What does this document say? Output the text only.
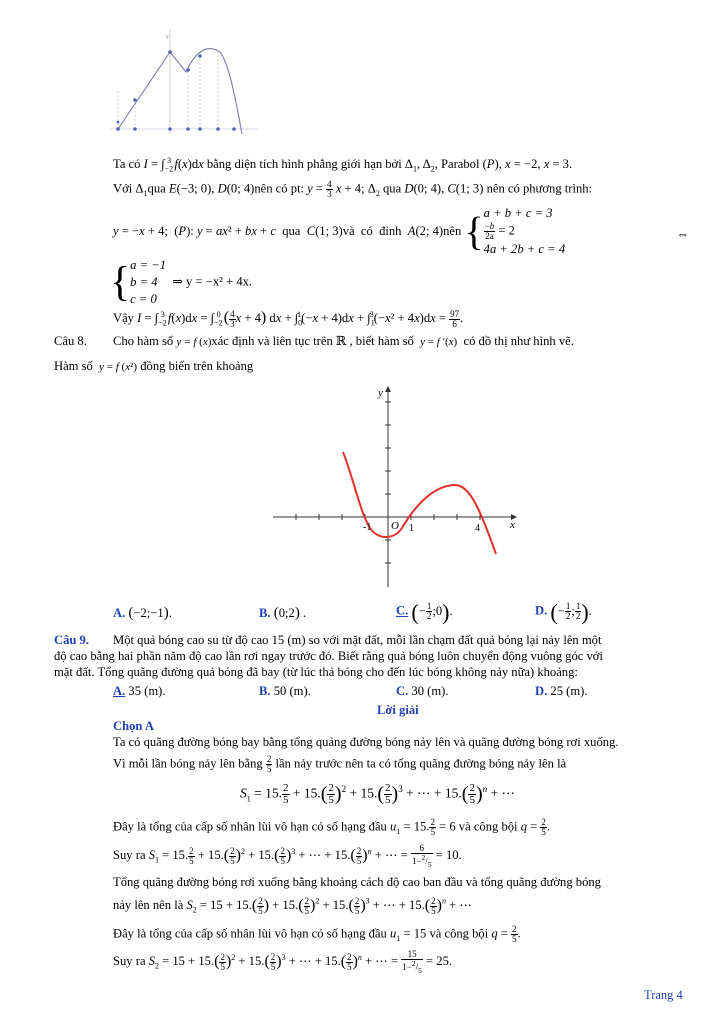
y
Ta có $I = \int_{-2}^3$ f(x)dx bằng diện tích hình phẳng giới hạn bởi $\Delta_1$, $\Delta_2$, Parabol (P), x = −2, x = 3.
Với $\Delta_1qua$ E(−3; 0), D(0; 4)nên có pt: $y = \frac{4}{3}$ x + 4; $\Delta_2$ qua D(0; 4), C(1; 3) nên có phương trình:
y = −x + 4;  (P): y = ax² + bx + c  qua  C(1; 3)và  có  đỉnh  A(2; 4)nên {a + b + c = 3

$\frac{-b}{2a} = 2$
4a + 2b + c = 4
⇔
{a = −1
b = 4
c = 0  ⇒ y = −x² + 4x.
Vậy $I = \int_{-2}^3$ $f(x)dx = \int_{-2}^0$ ( $\frac{4}{3}$ x + 4) dx + $\int_0^1(-x + 4)dx + \int_1^3(-x^2 + 4x)dx = \frac{97}{6}$ .
Câu 8. Cho hàm số y = f (x)xác định và liên tục trên ℝ , biết hàm số  y = f ′(x)  có đồ thị như hình vẽ.
Hàm số  y = f (x²) đồng biến trên khoảng
y
x
O
-1	1	4
A. (−2;−1).	B. (0;2) .	C. (− $\frac{1}{2}$ ;0).	D. (− $\frac{1}{2}$ ; $\frac{1}{2}$ ).
Câu 9. Một quả bóng cao su từ độ cao 15 (m) so với mặt đất, mỗi lần chạm đất quả bóng lại nảy lên một
độ cao bằng hai phần năm độ cao lần rơi ngay trước đó. Biết rằng quả bóng luôn chuyển động vuông góc với
mặt đất. Tổng quãng đường quả bóng đã bay (từ lúc thả bóng cho đến lúc bóng không nảy nữa) khoảng:
A. 35 (m).	B. 50 (m).	C. 30 (m).	D. 25 (m).
Lời giải
Chọn A
Ta có quãng đường bóng bay bằng tổng quảng đường bóng nảy lên và quãng đường bóng rơi xuống.
Vì mỗi lần bóng nảy lên bằng $\frac{2}{5}$ lần nảy trước nên ta có tổng quãng đường bóng nảy lên là
$S_1 = 15$. $\frac{2}{5} + 15.( \frac{2}{5} )^2 + 15.( \frac{2}{5} )^3$ + ⋯ + $15.( \frac{2}{5} )^n$ + ⋯
Đây là tổng của cấp số nhân lùi vô hạn có số hạng đầu $u_1 = 15$. $\frac{2}{5} = 6$ và công bội $q = \frac{2}{5}$ .
Suy ra $S_1 = 15$. $\frac{2}{5} + 15.( \frac{2}{5} )^2 + 15.( \frac{2}{5} )^3$ + ⋯ + $15.( \frac{2}{5} )^n$ + ⋯ = $\frac{6}{1-^2/_5} = 10$.
Tổng quãng đường bóng rơi xuống bằng khoảng cách độ cao ban đầu và tổng quãng đường bóng
nảy lên nên là $S_2 = 15 + 15.( \frac{2}{5}$ ) + $15.( \frac{2}{5} )^2 + 15.( \frac{2}{5} )^3$ + ⋯ + $15.( \frac{2}{5} )^n$ + ⋯
Đây là tổng của cấp số nhân lùi vô hạn có số hạng đầu $u_1 = 15$ và công bội $q = \frac{2}{5}$ .
Suy ra $S_2 = 15 + 15.( \frac{2}{5} )^2 + 15.( \frac{2}{5} )^3$ + ⋯ + $15.( \frac{2}{5} )^n$ + ⋯ = $\frac{15}{1-^2/_5} = 25$.
Trang 4
